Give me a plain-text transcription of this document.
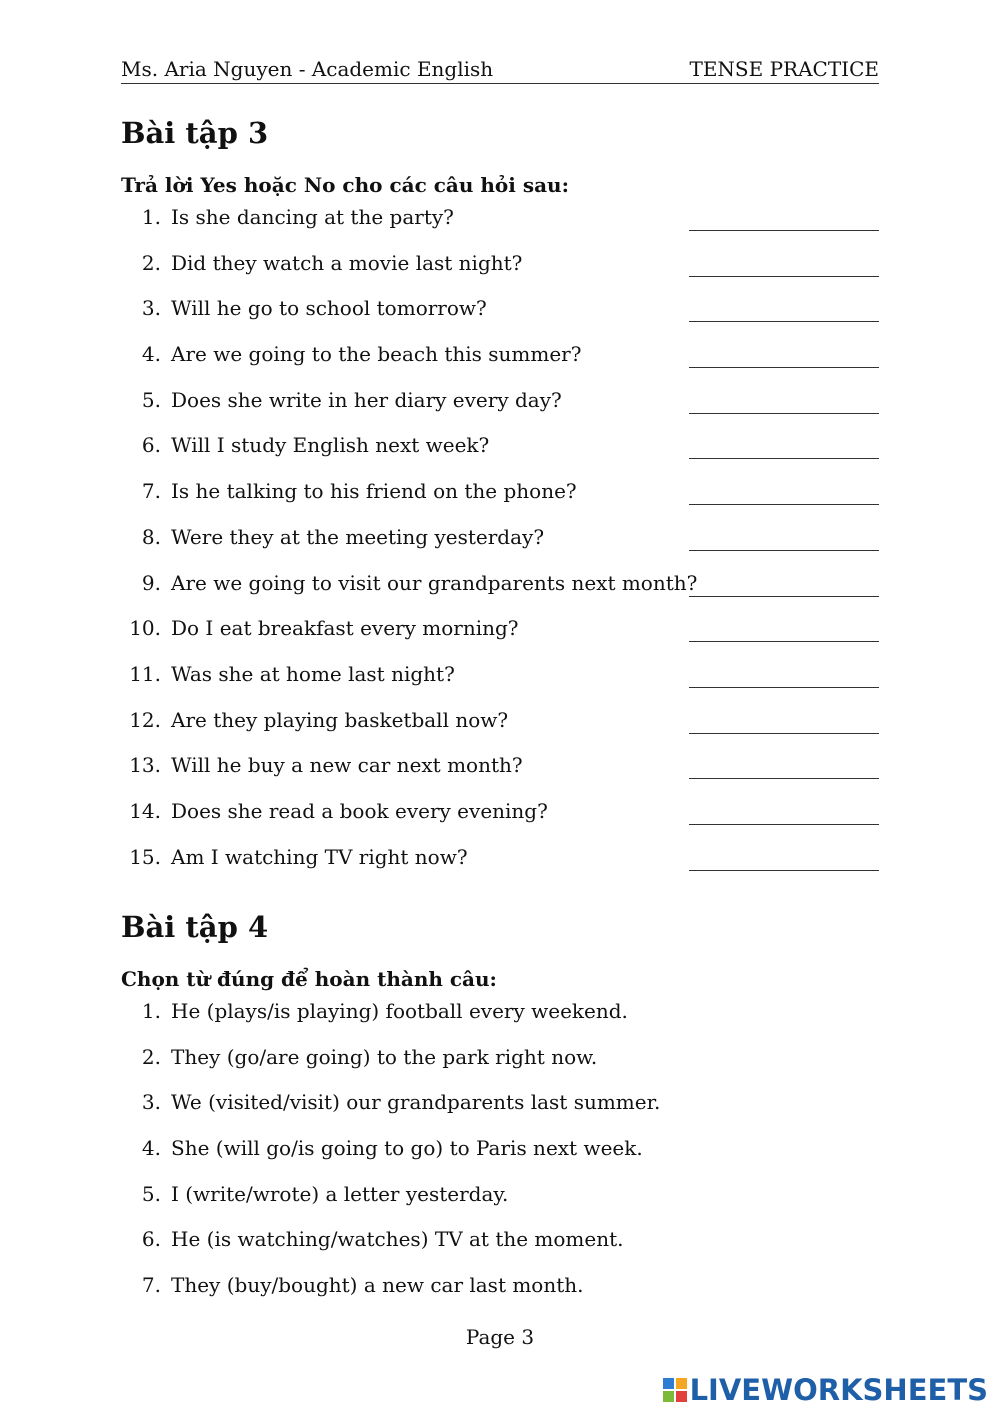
Ms. Aria Nguyen - Academic English	TENSE PRACTICE
Bài tập 3
Trả lời Yes hoặc No cho các câu hỏi sau:
1. Is she dancing at the party?
2. Did they watch a movie last night?
3. Will he go to school tomorrow?
4. Are we going to the beach this summer?
5. Does she write in her diary every day?
6. Will I study English next week?
7. Is he talking to his friend on the phone?
8. Were they at the meeting yesterday?
9. Are we going to visit our grandparents next month?
10. Do I eat breakfast every morning?
11. Was she at home last night?
12. Are they playing basketball now?
13. Will he buy a new car next month?
14. Does she read a book every evening?
15. Am I watching TV right now?
Bài tập 4
Chọn từ đúng để hoàn thành câu:
1. He (plays/is playing) football every weekend.
2. They (go/are going) to the park right now.
3. We (visited/visit) our grandparents last summer.
4. She (will go/is going to go) to Paris next week.
5. I (write/wrote) a letter yesterday.
6. He (is watching/watches) TV at the moment.
7. They (buy/bought) a new car last month.
Page 3
LIVEWORKSHEETS
